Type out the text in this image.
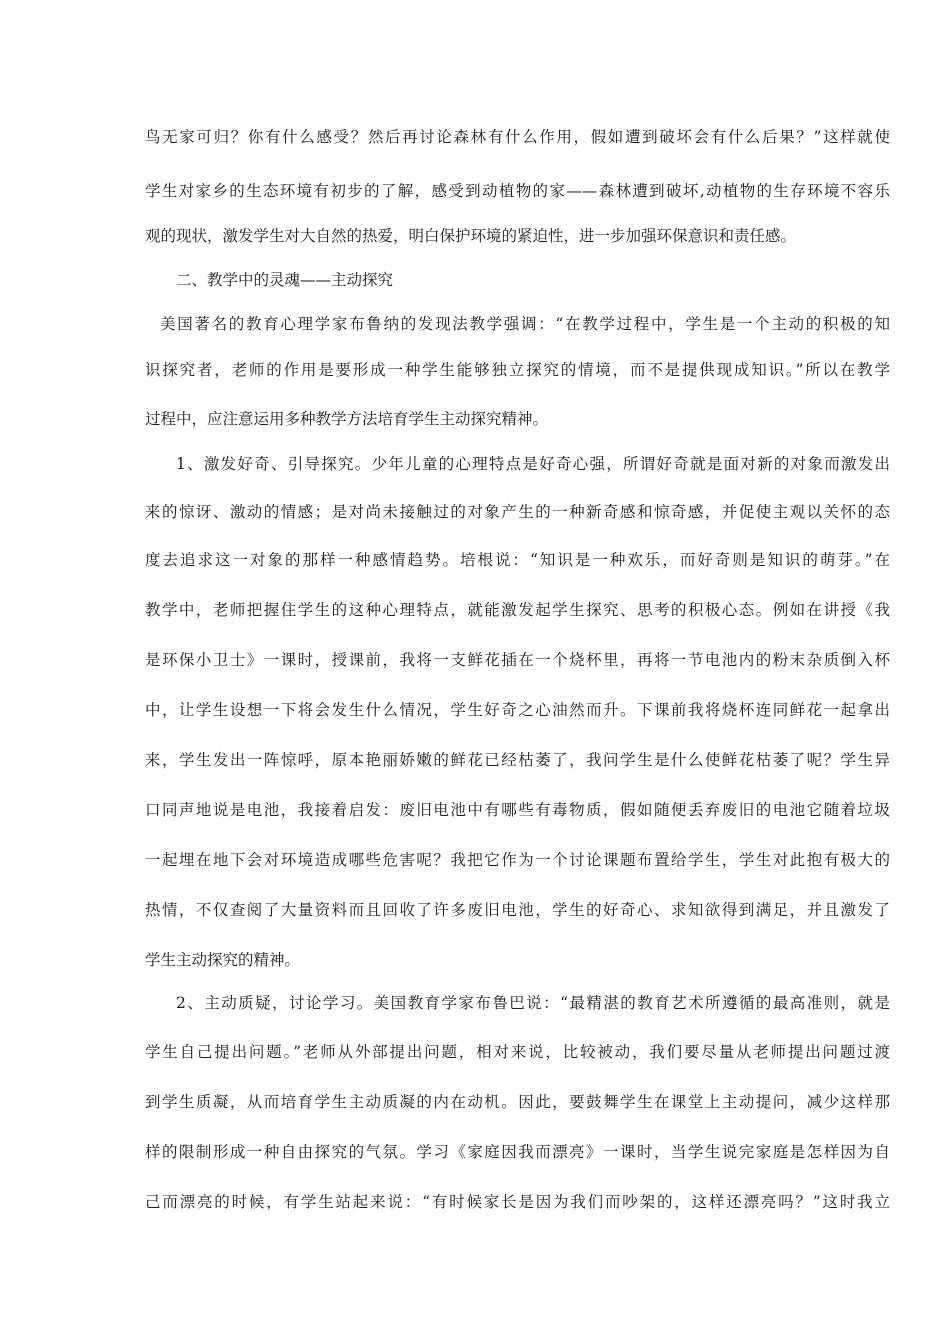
鸟无家可归？你有什么感受？然后再讨论森林有什么作用，假如遭到破坏会有什么后果？”这样就使
学生对家乡的生态环境有初步的了解，感受到动植物的家——森林遭到破坏,动植物的生存环境不容乐
观的现状，激发学生对大自然的热爱，明白保护环境的紧迫性，进一步加强环保意识和责任感。
二、教学中的灵魂——主动探究
美国著名的教育心理学家布鲁纳的发现法教学强调：“在教学过程中，学生是一个主动的积极的知
识探究者，老师的作用是要形成一种学生能够独立探究的情境，而不是提供现成知识。”所以在教学
过程中，应注意运用多种教学方法培育学生主动探究精神。
1、激发好奇、引导探究。少年儿童的心理特点是好奇心强，所谓好奇就是面对新的对象而激发出
来的惊讶、激动的情感；是对尚未接触过的对象产生的一种新奇感和惊奇感，并促使主观以关怀的态
度去追求这一对象的那样一种感情趋势。培根说：“知识是一种欢乐，而好奇则是知识的萌芽。”在
教学中，老师把握住学生的这种心理特点，就能激发起学生探究、思考的积极心态。例如在讲授《我
是环保小卫士》一课时，授课前，我将一支鲜花插在一个烧杯里，再将一节电池内的粉末杂质倒入杯
中，让学生设想一下将会发生什么情况，学生好奇之心油然而升。下课前我将烧杯连同鲜花一起拿出
来，学生发出一阵惊呼，原本艳丽娇嫩的鲜花已经枯萎了，我问学生是什么使鲜花枯萎了呢？学生异
口同声地说是电池，我接着启发：废旧电池中有哪些有毒物质，假如随便丢弃废旧的电池它随着垃圾
一起埋在地下会对环境造成哪些危害呢？我把它作为一个讨论课题布置给学生，学生对此抱有极大的
热情，不仅查阅了大量资料而且回收了许多废旧电池，学生的好奇心、求知欲得到满足，并且激发了
学生主动探究的精神。
2、主动质疑，讨论学习。美国教育学家布鲁巴说：“最精湛的教育艺术所遵循的最高准则，就是
学生自己提出问题。”老师从外部提出问题，相对来说，比较被动，我们要尽量从老师提出问题过渡
到学生质凝，从而培育学生主动质凝的内在动机。因此，要鼓舞学生在课堂上主动提问，减少这样那
样的限制形成一种自由探究的气氛。学习《家庭因我而漂亮》一课时，当学生说完家庭是怎样因为自
己而漂亮的时候，有学生站起来说：“有时候家长是因为我们而吵架的，这样还漂亮吗？”这时我立
